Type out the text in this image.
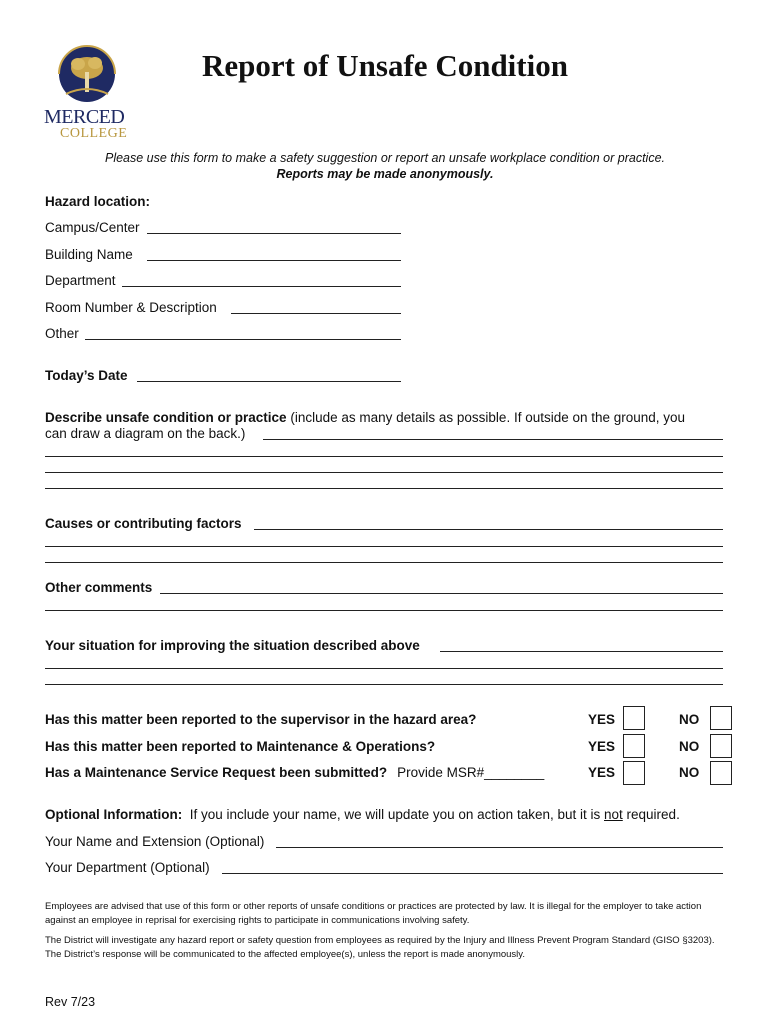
MERCED
COLLEGE
Report of Unsafe Condition
Please use this form to make a safety suggestion or report an unsafe workplace condition or practice.
Reports may be made anonymously.
Hazard location:
Campus/Center
Building Name
Department
Room Number & Description
Other
Today’s Date
Describe unsafe condition or practice (include as many details as possible. If outside on the ground, you
can draw a diagram on the back.)
Causes or contributing factors
Other comments
Your situation for improving the situation described above
Has this matter been reported to the supervisor in the hazard area?	YES	NO
Has this matter been reported to Maintenance & Operations?	YES	NO
Has a Maintenance Service Request been submitted? Provide MSR#________	YES	NO
Optional Information:  If you include your name, we will update you on action taken, but it is not required.
Your Name and Extension (Optional)
Your Department (Optional)
Employees are advised that use of this form or other reports of unsafe conditions or practices are protected by law. It is illegal for the employer to take action against an employee in reprisal for exercising rights to participate in communications involving safety.
The District will investigate any hazard report or safety question from employees as required by the Injury and Illness Prevent Program Standard (GISO §3203). The District’s response will be communicated to the affected employee(s), unless the report is made anonymously.
Rev 7/23
